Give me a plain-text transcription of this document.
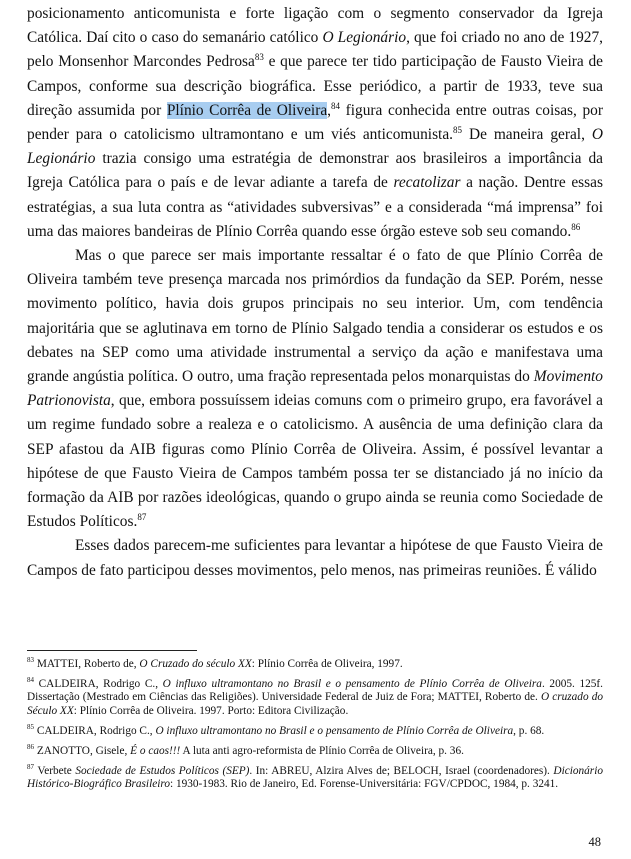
posicionamento anticomunista e forte ligação com o segmento conservador da Igreja Católica. Daí cito o caso do semanário católico O Legionário, que foi criado no ano de 1927, pelo Monsenhor Marcondes Pedrosa$^{83}$ e que parece ter tido participação de Fausto Vieira de Campos, conforme sua descrição biográfica. Esse periódico, a partir de 1933, teve sua direção assumida por Plínio Corrêa de Oliveira,$^{84}$ figura conhecida entre outras coisas, por pender para o catolicismo ultramontano e um viés anticomunista.$^{85}$ De maneira geral, O Legionário trazia consigo uma estratégia de demonstrar aos brasileiros a importância da Igreja Católica para o país e de levar adiante a tarefa de recatolizar a nação. Dentre essas estratégias, a sua luta contra as “atividades subversivas” e a considerada “má imprensa” foi uma das maiores bandeiras de Plínio Corrêa quando esse órgão esteve sob seu comando.$^{86}$

Mas o que parece ser mais importante ressaltar é o fato de que Plínio Corrêa de Oliveira também teve presença marcada nos primórdios da fundação da SEP. Porém, nesse movimento político, havia dois grupos principais no seu interior. Um, com tendência majoritária que se aglutinava em torno de Plínio Salgado tendia a considerar os estudos e os debates na SEP como uma atividade instrumental a serviço da ação e manifestava uma grande angústia política. O outro, uma fração representada pelos monarquistas do Movimento Patrionovista, que, embora possuíssem ideias comuns com o primeiro grupo, era favorável a um regime fundado sobre a realeza e o catolicismo. A ausência de uma definição clara da SEP afastou da AIB figuras como Plínio Corrêa de Oliveira. Assim, é possível levantar a hipótese de que Fausto Vieira de Campos também possa ter se distanciado já no início da formação da AIB por razões ideológicas, quando o grupo ainda se reunia como Sociedade de Estudos Políticos.$^{87}$

Esses dados parecem-me suficientes para levantar a hipótese de que Fausto Vieira de Campos de fato participou desses movimentos, pelo menos, nas primeiras reuniões. É válido

$^{83}$ MATTEI, Roberto de, O Cruzado do século XX: Plínio Corrêa de Oliveira, 1997.

$^{84}$ CALDEIRA, Rodrigo C., O influxo ultramontano no Brasil e o pensamento de Plínio Corrêa de Oliveira. 2005. 125f. Dissertação (Mestrado em Ciências das Religiões). Universidade Federal de Juiz de Fora; MATTEI, Roberto de. O cruzado do Século XX: Plínio Corrêa de Oliveira. 1997. Porto: Editora Civilização.

$^{85}$ CALDEIRA, Rodrigo C., O influxo ultramontano no Brasil e o pensamento de Plínio Corrêa de Oliveira, p. 68.

$^{86}$ ZANOTTO, Gisele, É o caos!!! A luta anti agro-reformista de Plínio Corrêa de Oliveira, p. 36.

$^{87}$ Verbete Sociedade de Estudos Políticos (SEP). In: ABREU, Alzira Alves de; BELOCH, Israel (coordenadores). Dicionário Histórico-Biográfico Brasileiro: 1930-1983. Rio de Janeiro, Ed. Forense-Universitária: FGV/CPDOC, 1984, p. 3241.

48
